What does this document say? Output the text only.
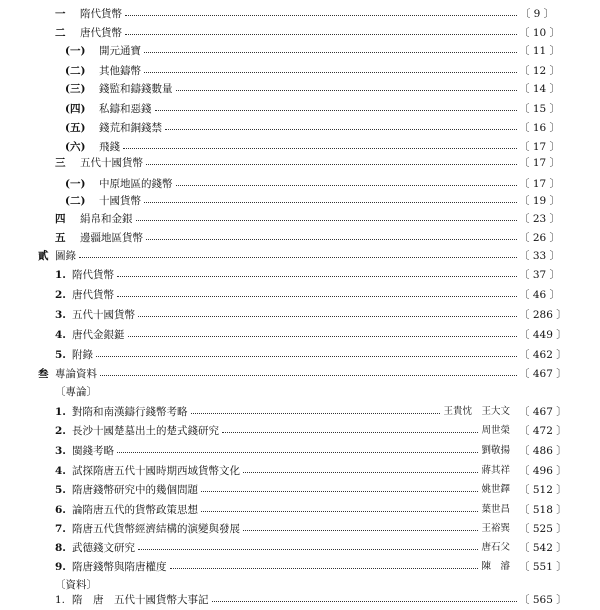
一 隋代貨幣	〔 9 〕
二 唐代貨幣	〔 10 〕
(一) 開元通寶	〔 11 〕
(二) 其他鑄幣	〔 12 〕
(三) 錢監和鑄錢數量	〔 14 〕
(四) 私鑄和惡錢	〔 15 〕
(五) 錢荒和銅錢禁	〔 16 〕
(六) 飛錢	〔 17 〕
三 五代十國貨幣	〔 17 〕
(一) 中原地區的錢幣	〔 17 〕
(二) 十國貨幣	〔 19 〕
四 絹帛和金銀	〔 23 〕
五 邊疆地區貨幣	〔 26 〕
貳 圖錄	〔 33 〕
1. 隋代貨幣	〔 37 〕
2. 唐代貨幣	〔 46 〕
3. 五代十國貨幣	〔 286 〕
4. 唐代金銀鋌	〔 449 〕
5. 附錄	〔 462 〕
叁 專論資料	〔 467 〕
〔專論〕
1. 對隋和南漢鑄行錢幣考略	王貴忱　王大文 〔 467 〕
2. 長沙十國楚墓出土的楚式錢研究	周世榮 〔 472 〕
3. 閩錢考略	劉敬揚 〔 486 〕
4. 試探隋唐五代十國時期西域貨幣文化	蔣其祥 〔 496 〕
5. 隋唐錢幣研究中的幾個問題	姚世鐸 〔 512 〕
6. 論隋唐五代的貨幣政策思想	葉世昌 〔 518 〕
7. 隋唐五代貨幣經濟結構的演變與發展	王裕巽 〔 525 〕
8. 武德錢文研究	唐石父 〔 542 〕
9. 隋唐錢幣與隋唐權度	陳　濬 〔 551 〕
〔資料〕
1. 隋　唐　五代十國貨幣大事記	〔 565 〕
